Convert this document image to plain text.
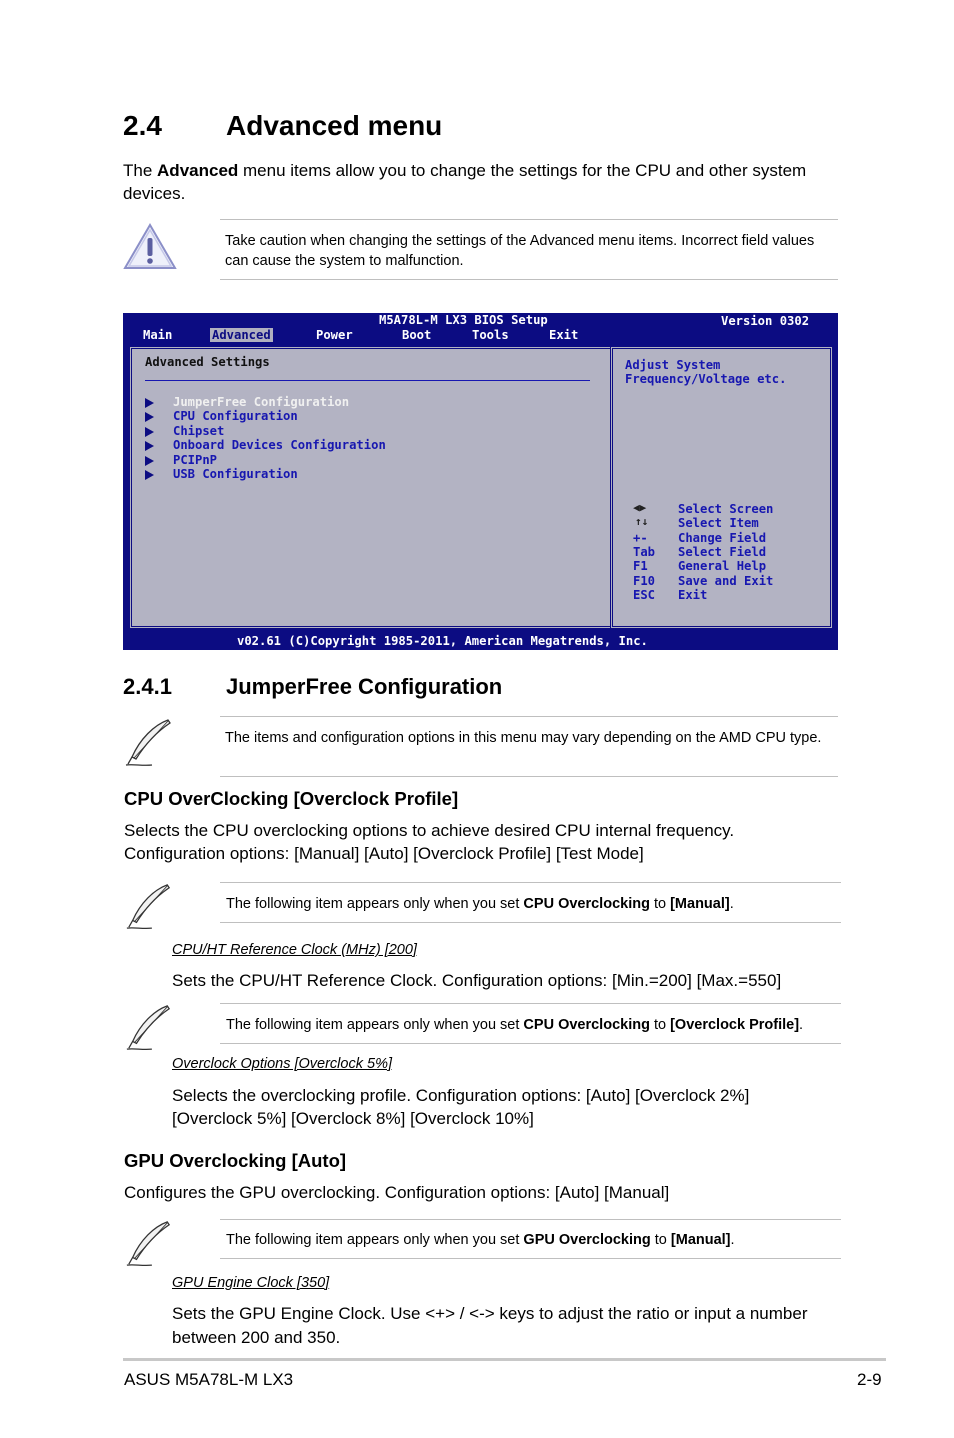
2.4 Advanced menu
The Advanced menu items allow you to change the settings for the CPU and other system devices.
Take caution when changing the settings of the Advanced menu items. Incorrect field values can cause the system to malfunction.
M5A78L-M LX3 BIOS Setup	Version 0302
Main	Advanced	Power	Boot	Tools	Exit
Advanced Settings
JumperFree Configuration
CPU Configuration
Chipset
Onboard Devices Configuration
PCIPnP
USB Configuration
Adjust System
Frequency/Voltage etc.
◀▶	Select Screen
↑↓ Select Item
+- Change Field
Tab Select Field
F1 General Help
F10 Save and Exit
ESC Exit
v02.61 (C)Copyright 1985-2011, American Megatrends, Inc.
2.4.1 JumperFree Configuration
The items and configuration options in this menu may vary depending on the AMD CPU type.
CPU OverClocking [Overclock Profile]
Selects the CPU overclocking options to achieve desired CPU internal frequency.
Configuration options: [Manual] [Auto] [Overclock Profile] [Test Mode]
The following item appears only when you set CPU Overclocking to [Manual].
CPU/HT Reference Clock (MHz) [200]
Sets the CPU/HT Reference Clock. Configuration options: [Min.=200] [Max.=550]
The following item appears only when you set CPU Overclocking to [Overclock Profile].
Overclock Options [Overclock 5%]
Selects the overclocking profile. Configuration options: [Auto] [Overclock 2%]
[Overclock 5%] [Overclock 8%] [Overclock 10%]
GPU Overclocking [Auto]
Configures the GPU overclocking. Configuration options: [Auto] [Manual]
The following item appears only when you set GPU Overclocking to [Manual].
GPU Engine Clock [350]
Sets the GPU Engine Clock. Use <+> / <-> keys to adjust the ratio or input a number
between 200 and 350.
ASUS M5A78L-M LX3	2-9
